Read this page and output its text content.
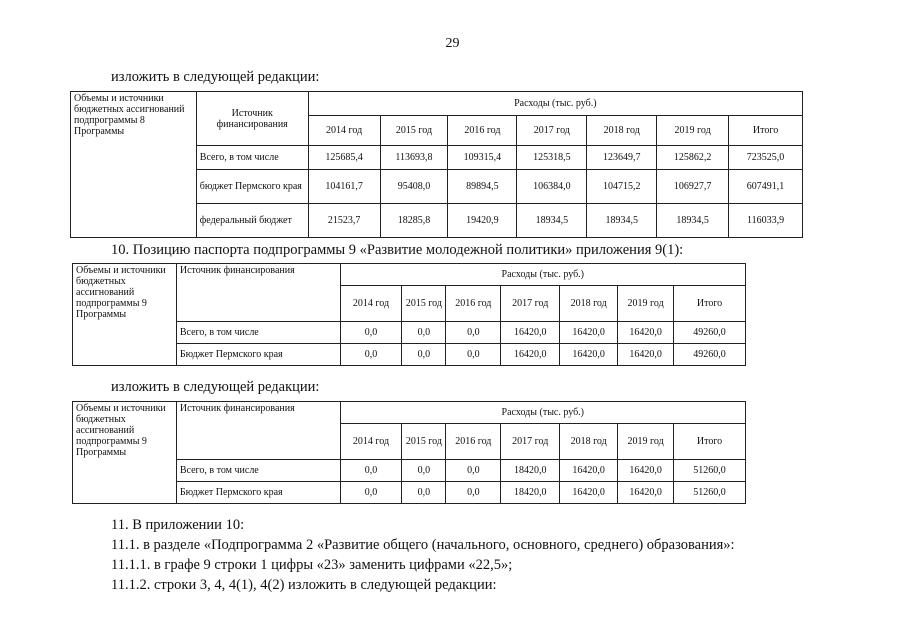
29
изложить в следующей редакции:
Объемы и источники бюджетных ассигнований подпрограммы 8 Программы	Источник финансирования	Расходы (тыс. руб.)						
		2014 год	2015 год	2016 год	2017 год	2018 год	2019 год	Итого
	Всего, в том числе	125685,4	113693,8	109315,4	125318,5	123649,7	125862,2	723525,0
	бюджет Пермского края	104161,7	95408,0	89894,5	106384,0	104715,2	106927,7	607491,1
	федеральный бюджет	21523,7	18285,8	19420,9	18934,5	18934,5	18934,5	116033,9
10. Позицию паспорта подпрограммы 9 «Развитие молодежной политики» приложения 9(1):
Объемы и источники бюджетных ассигнований подпрограммы 9 Программы	Источник финансирования	Расходы (тыс. руб.)						
		2014 год	2015 год	2016 год	2017 год	2018 год	2019 год	Итого
	Всего, в том числе	0,0	0,0	0,0	16420,0	16420,0	16420,0	49260,0
	Бюджет Пермского края	0,0	0,0	0,0	16420,0	16420,0	16420,0	49260,0
изложить в следующей редакции:
Объемы и источники бюджетных ассигнований подпрограммы 9 Программы	Источник финансирования	Расходы (тыс. руб.)						
		2014 год	2015 год	2016 год	2017 год	2018 год	2019 год	Итого
	Всего, в том числе	0,0	0,0	0,0	18420,0	16420,0	16420,0	51260,0
	Бюджет Пермского края	0,0	0,0	0,0	18420,0	16420,0	16420,0	51260,0
11. В приложении 10:
11.1. в разделе «Подпрограмма 2 «Развитие общего (начального, основного, среднего) образования»:
11.1.1. в графе 9 строки 1 цифры «23» заменить цифрами «22,5»;
11.1.2. строки 3, 4, 4(1), 4(2) изложить в следующей редакции:
